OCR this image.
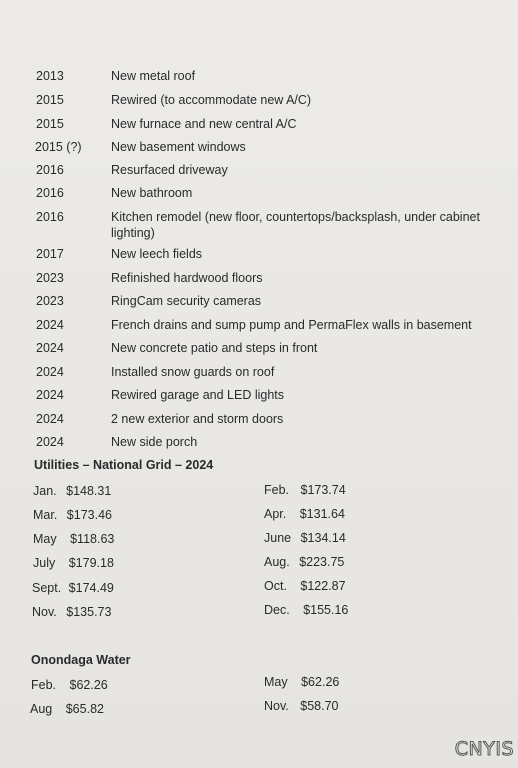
2013	New metal roof
2015	Rewired (to accommodate new A/C)
2015	New furnace and new central A/C
2015 (?) New basement windows
2016	Resurfaced driveway
2016	New bathroom
2016	Kitchen remodel (new floor, countertops/backsplash, under cabinet lighting)
2017	New leech fields
2023	Refinished hardwood floors
2023	RingCam security cameras
2024	French drains and sump pump and PermaFlex walls in basement
2024	New concrete patio and steps in front
2024	Installed snow guards on roof
2024	Rewired garage and LED lights
2024	2 new exterior and storm doors
2024	New side porch
Utilities – National Grid – 2024
Jan. $148.31
Mar. $173.46
May $118.63
July $179.18
Sept. $174.49
Nov. $135.73
Feb. $173.74
Apr. $131.64
June $134.14
Aug. $223.75
Oct. $122.87
Dec. $155.16
Onondaga Water
Feb. $62.26	May $62.26
Aug $65.82	Nov. $58.70
CNYIS
